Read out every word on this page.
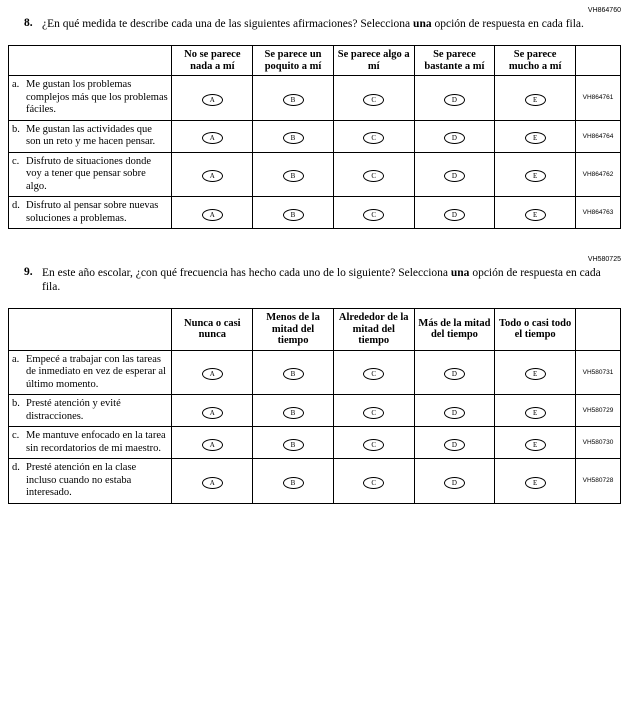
VH864760
8. ¿En qué medida te describe cada una de las siguientes afirmaciones? Selecciona una opción de respuesta en cada fila.
	No se parece nada a mí	Se parece un poquito a mí	Se parece algo a mí	Se parece bastante a mí	Se parece mucho a mí	

a. Me gustan los problemas complejos más que los problemas fáciles.	A	B	C	D	E	VH864761

b. Me gustan las actividades que son un reto y me hacen pensar.	A	B	C	D	E	VH864764

c. Disfruto de situaciones donde voy a tener que pensar sobre algo.	A	B	C	D	E	VH864762

d. Disfruto al pensar sobre nuevas soluciones a problemas.	A	B	C	D	E	VH864763
VH580725
9. En este año escolar, ¿con qué frecuencia has hecho cada uno de lo siguiente? Selecciona una opción de respuesta en cada fila.
	Nunca o casi nunca	Menos de la mitad del tiempo	Alrededor de la mitad del tiempo	Más de la mitad del tiempo	Todo o casi todo el tiempo	

a. Empecé a trabajar con las tareas de inmediato en vez de esperar al último momento.	A	B	C	D	E	VH580731

b. Presté atención y evité distracciones.	A	B	C	D	E	VH580729

c. Me mantuve enfocado en la tarea sin recordatorios de mi maestro.	A	B	C	D	E	VH580730

d. Presté atención en la clase incluso cuando no estaba interesado.	A	B	C	D	E	VH580728
